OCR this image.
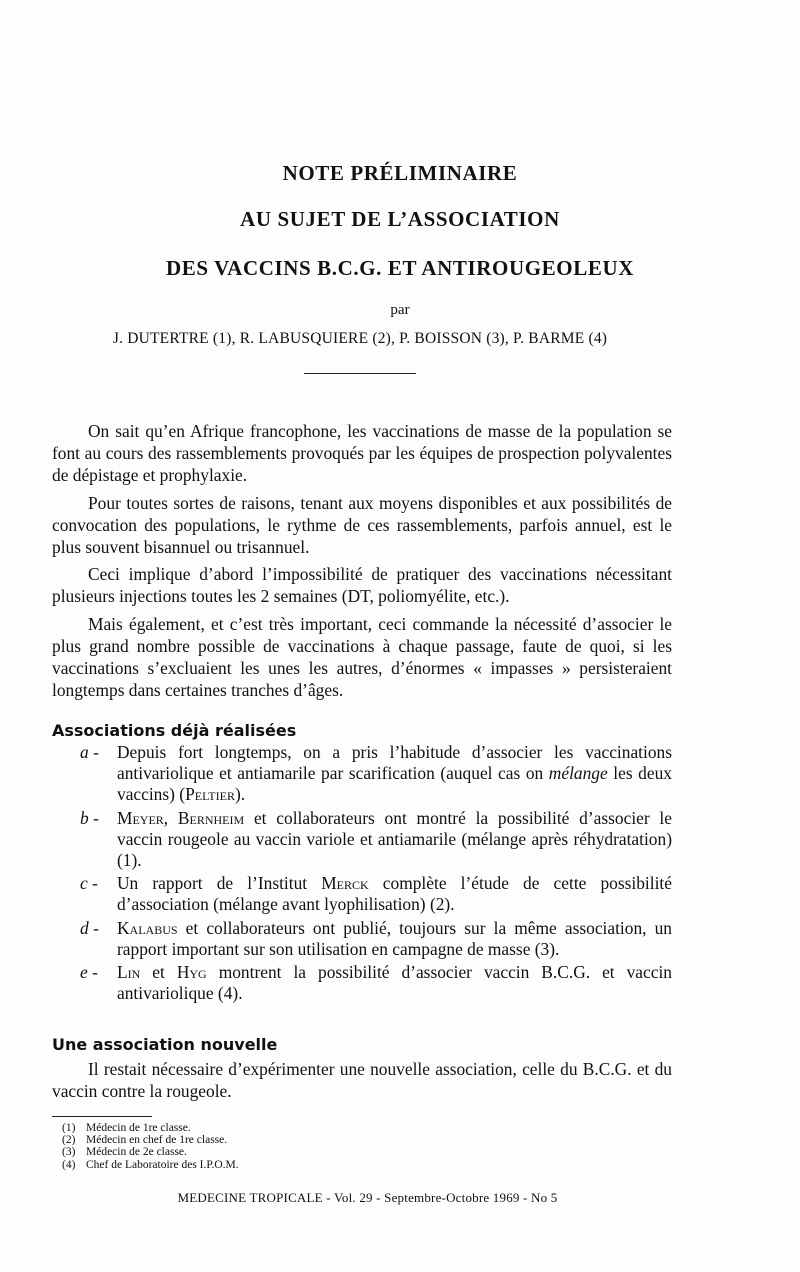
NOTE PRÉLIMINAIRE
AU SUJET DE L’ASSOCIATION
DES VACCINS B.C.G. ET ANTIROUGEOLEUX
par
J. DUTERTRE (1), R. LABUSQUIERE (2), P. BOISSON (3), P. BARME (4)

On sait qu’en Afrique francophone, les vaccinations de masse de la population se font au cours des rassemblements provoqués par les équipes de prospection polyvalentes de dépistage et prophylaxie.

Pour toutes sortes de raisons, tenant aux moyens disponibles et aux possibilités de convocation des populations, le rythme de ces rassemblements, parfois annuel, est le plus souvent bisannuel ou trisannuel.

Ceci implique d’abord l’impossibilité de pratiquer des vaccinations nécessitant plusieurs injections toutes les 2 semaines (DT, poliomyélite, etc.).

Mais également, et c’est très important, ceci commande la nécessité d’associer le plus grand nombre possible de vaccinations à chaque passage, faute de quoi, si les vaccinations s’excluaient les unes les autres, d’énormes « impasses » persisteraient longtemps dans certaines tranches d’âges.

Associations déjà réalisées
a -	Depuis fort longtemps, on a pris l’habitude d’associer les vaccinations antivariolique et antiamarile par scarification (auquel cas on mélange les deux vaccins) (Peltier).
b -	Meyer, Bernheim et collaborateurs ont montré la possibilité d’associer le vaccin rougeole au vaccin variole et antiamarile (mélange après réhydratation) (1).
c -	Un rapport de l’Institut Merck complète l’étude de cette possibilité d’association (mélange avant lyophilisation) (2).
d -	Kalabus et collaborateurs ont publié, toujours sur la même association, un rapport important sur son utilisation en campagne de masse (3).
e -	Lin et Hyg montrent la possibilité d’associer vaccin B.C.G. et vaccin antivariolique (4).
Une association nouvelle

Il restait nécessaire d’expérimenter une nouvelle association, celle du B.C.G. et du vaccin contre la rougeole.

(1) Médecin de 1re classe.
(2) Médecin en chef de 1re classe.
(3) Médecin de 2e classe.
(4) Chef de Laboratoire des I.P.O.M.
MEDECINE TROPICALE - Vol. 29 - Septembre-Octobre 1969 - No 5
